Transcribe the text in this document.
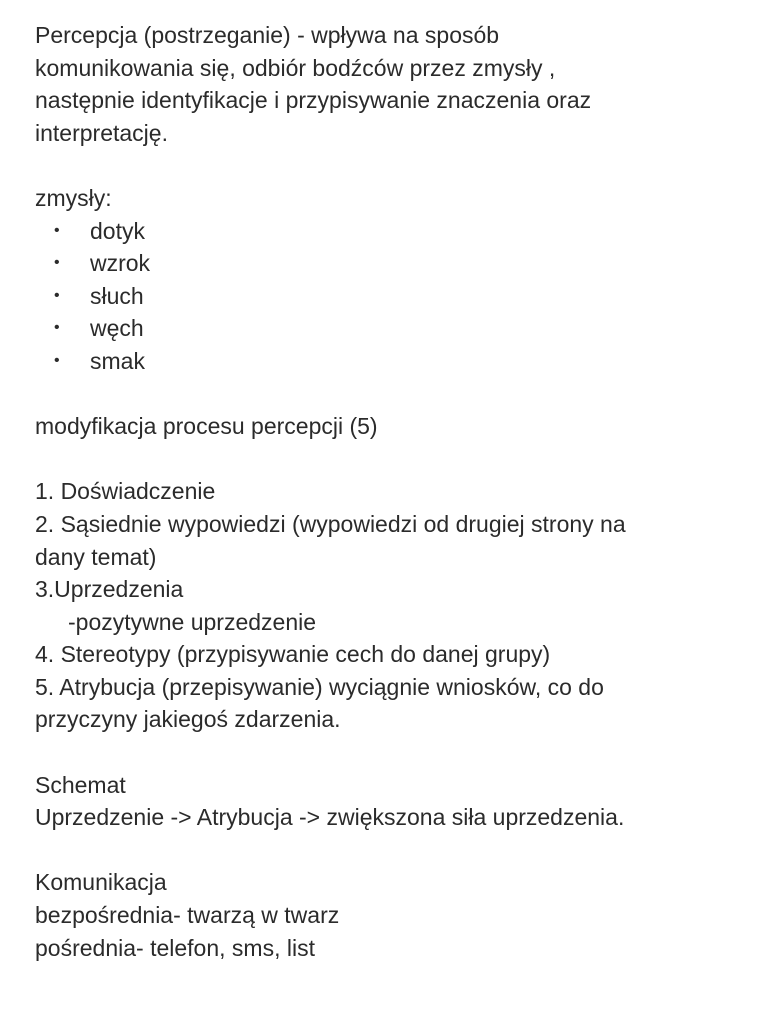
Percepcja (postrzeganie) - wpływa na sposób
komunikowania się, odbiór bodźców przez zmysły ,
następnie identyfikacje i przypisywanie znaczenia oraz
interpretację.
zmysły:
• dotyk
• wzrok
• słuch
• węch
• smak
modyfikacja procesu percepcji (5)
1. Doświadczenie
2. Sąsiednie wypowiedzi (wypowiedzi od drugiej strony na
dany temat)
3.Uprzedzenia
-pozytywne uprzedzenie
4. Stereotypy (przypisywanie cech do danej grupy)
5. Atrybucja (przepisywanie) wyciągnie wniosków, co do
przyczyny jakiegoś zdarzenia.
Schemat
Uprzedzenie -> Atrybucja -> zwiększona siła uprzedzenia.
Komunikacja
bezpośrednia- twarzą w twarz
pośrednia- telefon, sms, list
